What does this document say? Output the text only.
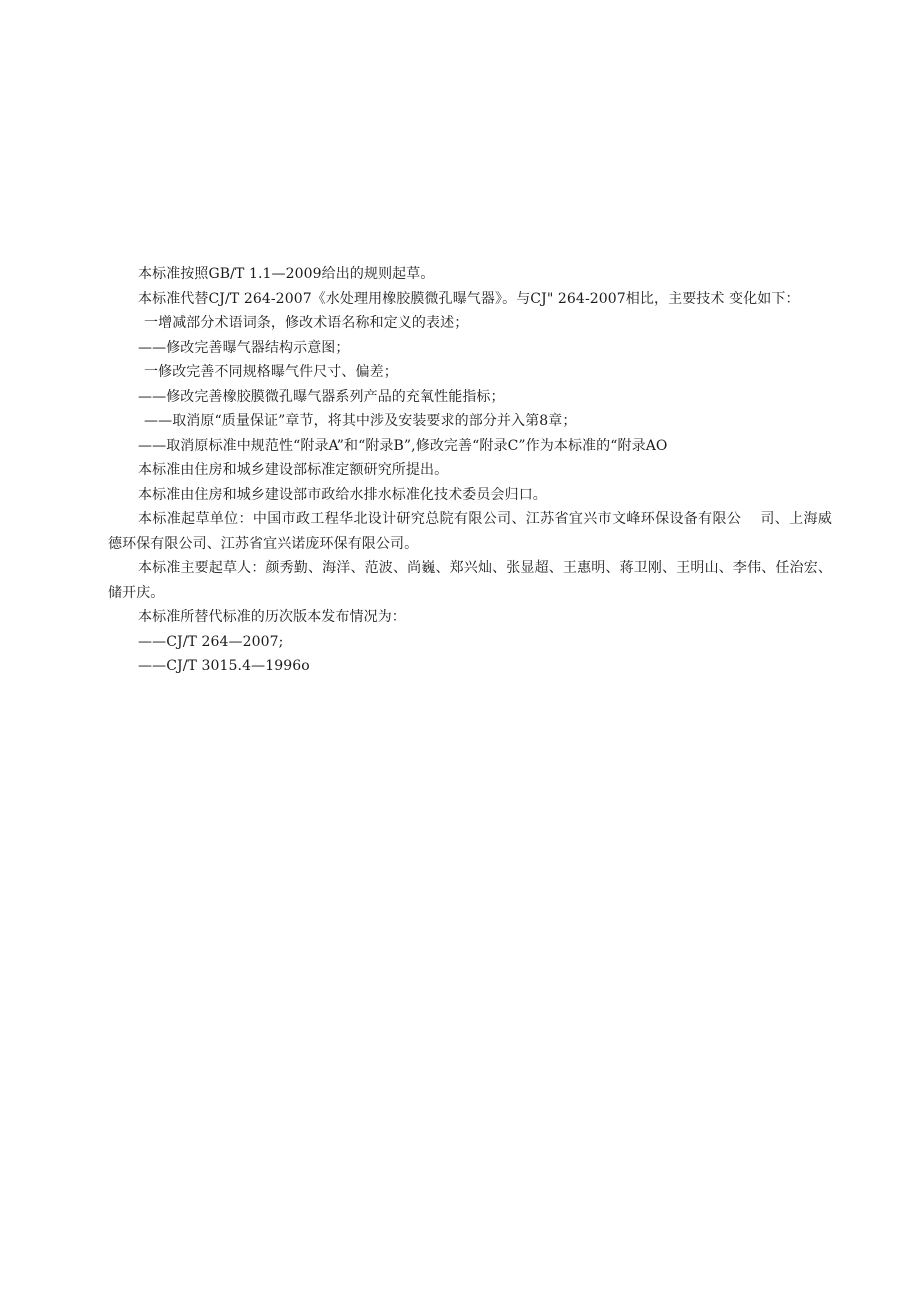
本标准按照GB/T 1.1—2009给出的规则起草。
本标准代替CJ/T 264-2007《水处理用橡胶膜微孔曝气器》。与CJ" 264-2007相比，主要技术 变化如下：
一增减部分术语词条，修改术语名称和定义的表述；
——修改完善曝气器结构示意图；
一修改完善不同规格曝气件尺寸、偏差；
——修改完善橡胶膜微孔曝气器系列产品的充氧性能指标；
——取消原“质量保证”章节，将其中涉及安装要求的部分并入第8章；
——取消原标准中规范性“附录A”和“附录B”,修改完善“附录C”作为本标准的“附录AO
本标准由住房和城乡建设部标准定额研究所提出。
本标准由住房和城乡建设部市政给水排水标准化技术委员会归口。
本标准起草单位：中国市政工程华北设计研究总院有限公司、江苏省宜兴市文峰环保设备有限公　 司、上海威德环保有限公司、江苏省宜兴诺庞环保有限公司。
本标准主要起草人：颜秀勤、海洋、范波、尚巍、郑兴灿、张显超、王惠明、蒋卫刚、王明山、李伟、任治宏、 储开庆。
本标准所替代标准的历次版本发布情况为：
——CJ/T 264—2007;
——CJ/T 3015.4—1996o
